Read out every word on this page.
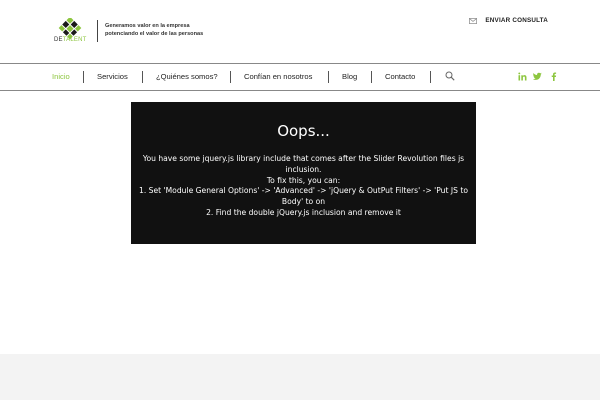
DETALENT
Generamos valor en la empresa
potenciando el valor de las personas
ENVIAR CONSULTA
Inicio	Servicios	¿Quiénes somos?	Confían en nosotros	Blog	Contacto
Oops...
You have some jquery.js library include that comes after the Slider Revolution files js inclusion.
To fix this, you can:
1. Set 'Module General Options' -> 'Advanced' -> 'jQuery & OutPut Filters' -> 'Put JS to Body' to on
2. Find the double jQuery.js inclusion and remove it
